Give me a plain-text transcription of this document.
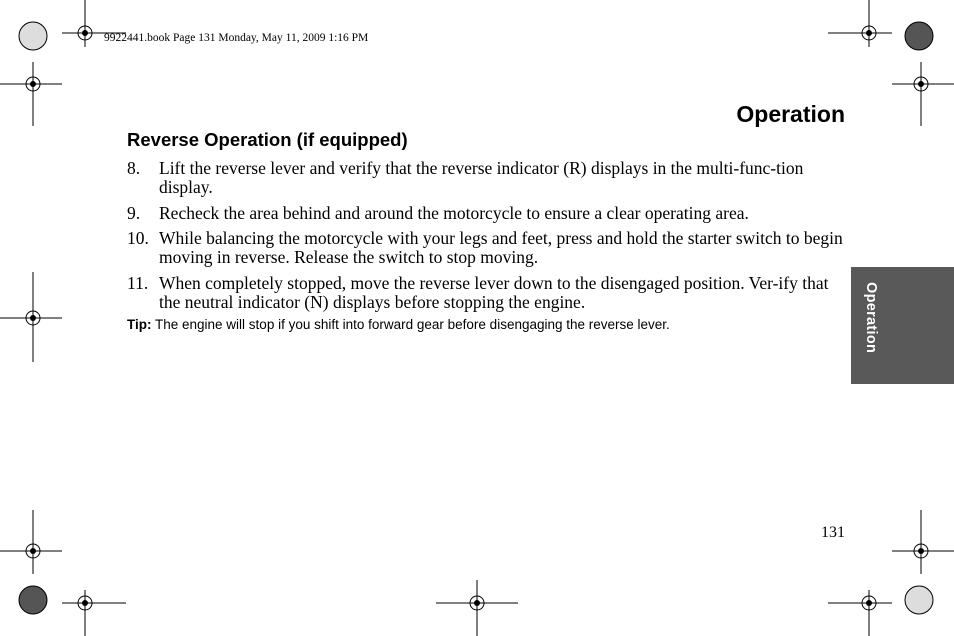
9922441.book Page 131 Monday, May 11, 2009 1:16 PM
Operation
Reverse Operation (if equipped)
8. Lift the reverse lever and verify that the reverse indicator (R) displays in the multi-func-tion display.
9. Recheck the area behind and around the motorcycle to ensure a clear operating area.
10. While balancing the motorcycle with your legs and feet, press and hold the starter switch to begin moving in reverse. Release the switch to stop moving.
11. When completely stopped, move the reverse lever down to the disengaged position. Ver-ify that the neutral indicator (N) displays before stopping the engine.
Tip: The engine will stop if you shift into forward gear before disengaging the reverse lever.	Operation
131
